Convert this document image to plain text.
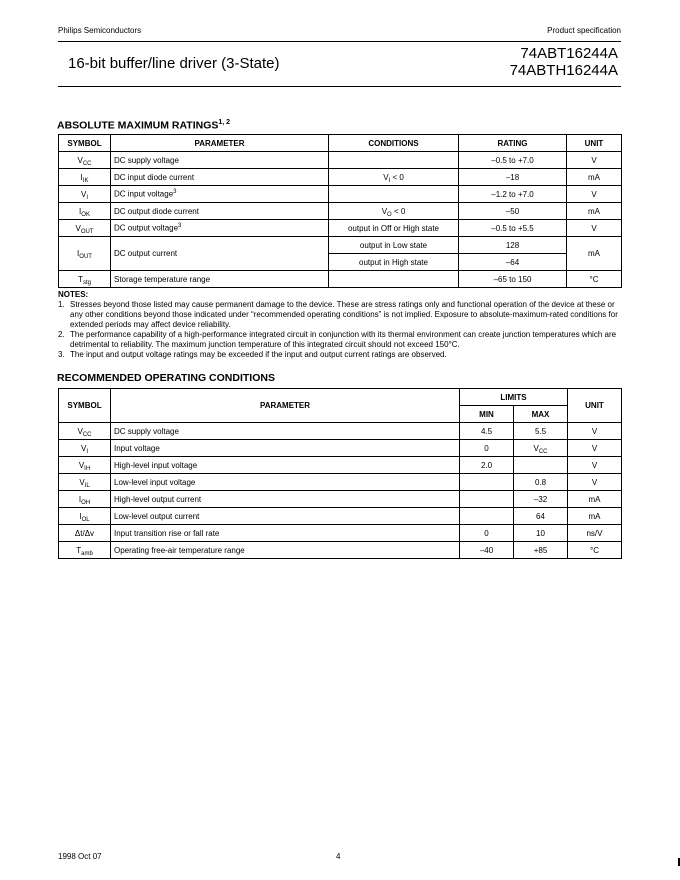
Philips Semiconductors	Product specification
16-bit buffer/line driver (3-State)
74ABT16244A
74ABTH16244A
ABSOLUTE MAXIMUM RATINGS$^{1, 2}$
SYMBOL	PARAMETER	CONDITIONS	RATING	UNIT
$V_{CC}$	DC supply voltage		–0.5 to +7.0	V
$I_{IK}$	DC input diode current	$V_I < 0$	–18	mA
$V_I$	DC input voltage$^3$		–1.2 to +7.0	V
$I_{OK}$	DC output diode current	$V_O < 0$	–50	mA
$V_{OUT}$	DC output voltage$^3$	output in Off or High state	–0.5 to +5.5	V
$I_{OUT}$	DC output current	output in Low state	128	mA
		output in High state	–64	
$T_{stg}$	Storage temperature range		–65 to 150	°C
NOTES:
1. Stresses beyond those listed may cause permanent damage to the device. These are stress ratings only and functional operation of the device at these or any other conditions beyond those indicated under “recommended operating conditions” is not implied. Exposure to absolute-maximum-rated conditions for extended periods may affect device reliability.
2. The performance capability of a high-performance integrated circuit in conjunction with its thermal environment can create junction temperatures which are detrimental to reliability. The maximum junction temperature of this integrated circuit should not exceed 150°C.
3. The input and output voltage ratings may be exceeded if the input and output current ratings are observed.
RECOMMENDED OPERATING CONDITIONS
SYMBOL	PARAMETER	LIMITS		UNIT
		MIN	MAX	
$V_{CC}$	DC supply voltage	4.5	5.5	V
$V_I$	Input voltage	0	$V_{CC}$	V
$V_{IH}$	High-level input voltage	2.0		V
$V_{IL}$	Low-level input voltage		0.8	V
$I_{OH}$	High-level output current		–32	mA
$I_{OL}$	Low-level output current		64	mA
Δt/Δv	Input transition rise or fall rate	0	10	ns/V
$T_{amb}$	Operating free-air temperature range	–40	+85	°C
1998 Oct 07	4
